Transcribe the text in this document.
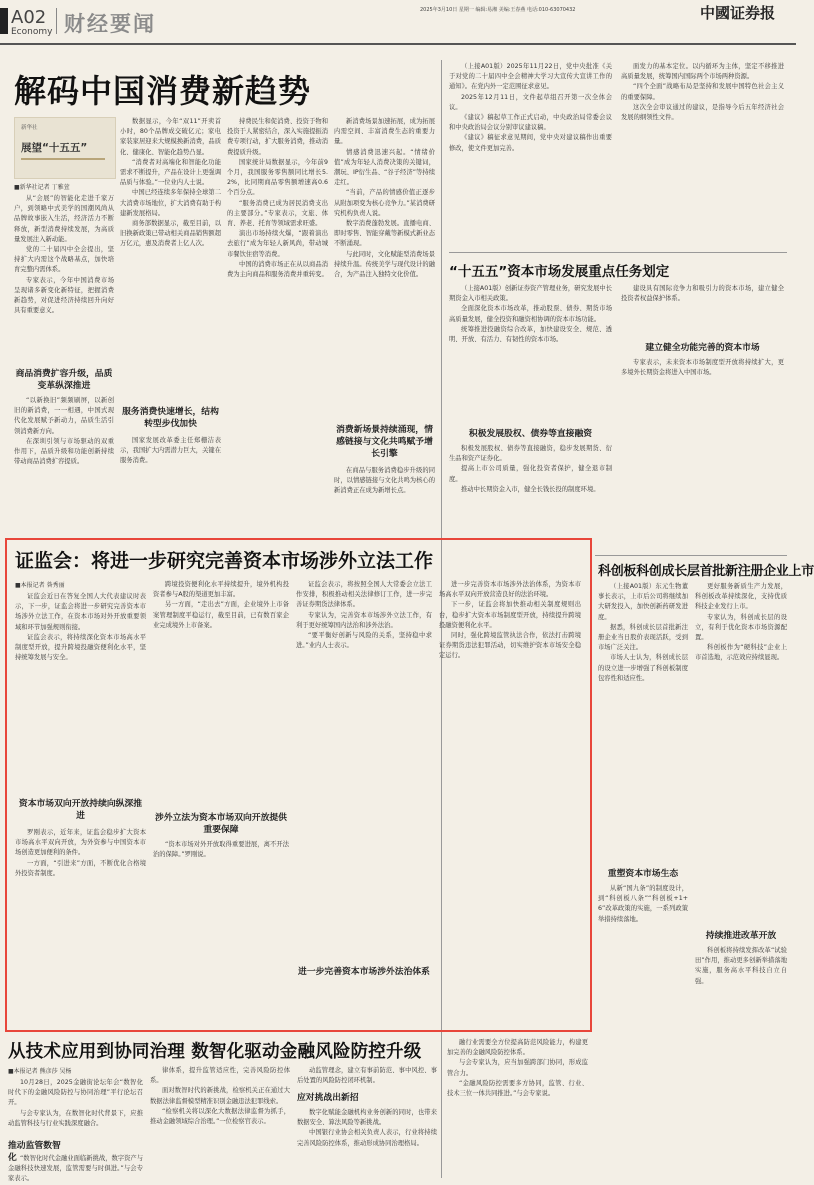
A02
Economy 财经要闻
2025年3月10日 星期一 编辑:易湘 美编:王春燕 电话:010-63070432	中國证券报
解码中国消费新趋势
新华社
展望“十五五”
■新华社记者 丁雅萱

从“会展”的智能化走进千家万户，到领略中式美学的国潮风尚从品牌故事嵌入生活，经济活力不断释放，新型消费持续发展，为高质量发展注入新动能。

党的二十届四中全会提出，坚持扩大内需这个战略基点，加快培育完整内需体系。

专家表示，今年中国消费市场呈现诸多新变化新特征，把握消费新趋势，对促进经济持续回升向好具有重要意义。

商品消费扩容升级，品质变革纵深推进

“以新换旧”频频刷屏，以新创旧的新消费，一一相遇，中国式现代化发展赋予新动力，品质生活引领消费新方向。

在深圳引领与市场驱动的双重作用下，品质升级和功能创新持续带动商品消费扩容提质。

数据显示，今年“双11”开卖首小时，80个品牌成交破亿元；家电家装家居迎来大规模换新消费，品质化、健康化、智能化趋势凸显。

“消费者对高端化和智能化功能需求不断提升，产品在设计上更强调品质与体验。”一位业内人士说。

中国已经连续多年保持全球第二大消费市场地位，扩大消费有助于构建新发展格局。

商务部数据显示，截至目前，以旧换新政策已带动相关商品销售额超万亿元，惠及消费者上亿人次。

服务消费快速增长，结构转型步伐加快

国家发展改革委主任郑栅洁表示，我国扩大内需潜力巨大，关键在服务消费。

持费民生和促消费、投资于物和投资于人紧密结合，深入实施提振消费专项行动，扩大服务消费，推动消费提质升级。

国家统计局数据显示，今年前9个月，我国服务零售额同比增长5.2%，比同期商品零售额增速高0.6个百分点。

“服务消费已成为居民消费支出的主要部分。”专家表示，文旅、体育、养老、托育等领域需求旺盛。

演出市场持续火爆，“跟着演出去旅行”成为年轻人新风尚，带动城市餐饮住宿等消费。

中国的消费市场正在从以商品消费为主向商品和服务消费并重转变。

新消费场景加速拓展，成为拓展内需空间、丰富消费生态的重要力量。

情感消费迅速兴起。“情绪价值”成为年轻人消费决策的关键词，潮玩、IP衍生品、“谷子经济”等持续走红。

“当前，产品的情感价值正逐步从附加项变为核心竞争力。”某消费研究机构负责人说。

数字消费蓬勃发展。直播电商、即时零售、智能穿戴等新模式新业态不断涌现。

与此同时，文化赋能型消费场景持续升温。传统美学与现代设计的融合，为产品注入独特文化价值。

消费新场景持续涌现，情感链接与文化共鸣赋予增长引擎

在商品与服务消费稳步升级的同时，以情感链接与文化共鸣为核心的新消费正在成为新增长点。

（上接A01版）2025年11月22日，党中央批准《关于对党的二十届四中全会精神大学习大宣传大宣讲工作的通知》。在党内外一定范围征求意见。

2025年12月11日，文件起草组召开第一次全体会议。

《建议》稿起草工作正式启动，中央政治局常委会议和中央政治局会议分别审议建议稿。

《建议》稿征求意见期间，党中央对建议稿作出重要修改，使文件更加完善。

面发力的基本定位。以内循环为主体，坚定不移推进高质量发展，统筹国内国际两个市场两种资源。

“四个全面”战略布局是坚持和发展中国特色社会主义的重要保障。

这次全会审议通过的建议，是指导今后五年经济社会发展的纲领性文件。

“十五五”资本市场发展重点任务划定

（上接A01版）创新证券资产管理业务，研究发展中长期资金入市相关政策。

全面深化资本市场改革，推动股票、债券、期货市场高质量发展，健全投资和融资相协调的资本市场功能。

统筹推进投融资综合改革，加快建设安全、规范、透明、开放、有活力、有韧性的资本市场。

积极发展股权、债券等直接融资

积极发展股权、债券等直接融资，稳步发展期货、衍生品和资产证券化。

提高上市公司质量，强化投资者保护，健全退市制度。

推动中长期资金入市，健全长钱长投的制度环境。

建立健全功能完善的资本市场

建设具有国际竞争力和吸引力的资本市场，建立健全投资者权益保护体系。

专家表示，未来资本市场制度型开放将持续扩大，更多境外长期资金将进入中国市场。

证监会：将进一步研究完善资本市场涉外立法工作
■本报记者 昝秀丽

证监会近日在答复全国人大代表建议时表示，下一步，证监会将进一步研究完善资本市场涉外立法工作，在资本市场对外开放重要领域和环节加强规则衔接。

证监会表示，将持续深化资本市场高水平制度型开放，提升跨境投融资便利化水平，坚持统筹发展与安全。

资本市场双向开放持续向纵深推进

罗刚表示，近年来，证监会稳步扩大资本市场高水平双向开放，为外资参与中国资本市场创造更加便利的条件。

一方面，“引进来”方面，不断优化合格境外投资者制度。

跨境投资便利化水平持续提升，境外机构投资者参与A股的渠道更加丰富。

另一方面，“走出去”方面，企业境外上市备案管理制度平稳运行，截至目前，已有数百家企业完成境外上市备案。

涉外立法为资本市场双向开放提供重要保障

“资本市场对外开放取得重要进展，离不开法治的保障。”罗刚说。

证监会表示，将按照全国人大常委会立法工作安排，积极推动相关法律修订工作，进一步完善证券期货法律体系。

专家认为，完善资本市场涉外立法工作，有利于更好统筹国内法治和涉外法治。

“要平衡好创新与风险的关系，坚持稳中求进。”业内人士表示。

进一步完善资本市场涉外法治体系

进一步完善资本市场涉外法治体系，为资本市场高水平双向开放营造良好的法治环境。

下一步，证监会将加快推动相关制度规则出台，稳步扩大资本市场制度型开放，持续提升跨境投融资便利化水平。

同时，强化跨境监管执法合作，依法打击跨境证券期货违法犯罪活动，切实维护资本市场安全稳定运行。

科创板科创成长层首批新注册企业上市

（上接A01版）东元生物董事长表示，上市后公司将继续加大研发投入，加快创新药研发进度。

据悉，科创成长层首批新注册企业当日股价表现活跃，受到市场广泛关注。

市场人士认为，科创成长层的设立进一步增强了科创板制度包容性和适应性。

重塑资本市场生态

从新“国九条”的制度设计，到“科创板八条”“科创板+1+6”改革政策的实施，一系列政策举措持续落地。

更好服务新质生产力发展，科创板改革持续深化，支持优质科技企业发行上市。

专家认为，科创成长层的设立，有利于优化资本市场资源配置。

科创板作为“硬科技”企业上市首选地，示范效应持续显现。

持续推进改革开放

科创板将持续发挥改革“试验田”作用，推动更多创新举措落地实施，服务高水平科技自立自强。

从技术应用到协同治理 数智化驱动金融风险防控升级
■本报记者 熊彦莎 吴杨

10月28日，2025金融街论坛年会“数智化时代下的金融风险防控与协同治理”平行论坛召开。

与会专家认为，在数智化时代背景下，应推动监管科技与行业实践深度融合。

推动监管数智化 “数智化时代金融业面临新挑战，数字资产与金融科技快速发展，监管需要与时俱进。”与会专家表示。

律体系，提升监管适应性，完善风险防控体系。

面对数智时代的新挑战，检察机关正在通过大数据法律监督模型精准识别金融违法犯罪线索。

“检察机关将以深化大数据法律监督为抓手，推动金融领域综合治理。”一位检察官表示。

动监管理念，建立有事前防范、事中风控、事后处置的风险防控闭环机制。

应对挑战出新招

数字化赋能金融机构业务创新的同时，也带来数据安全、算法风险等新挑战。

中国银行业协会相关负责人表示，行业将持续完善风险防控体系，推动形成协同治理格局。

融行业需要全方位提高防范风险能力，构建更加完善的金融风险防控体系。

与会专家认为，应当加强跨部门协同，形成监管合力。

“金融风险防控需要多方协同，监管、行业、技术三位一体共同推进。”与会专家说。
